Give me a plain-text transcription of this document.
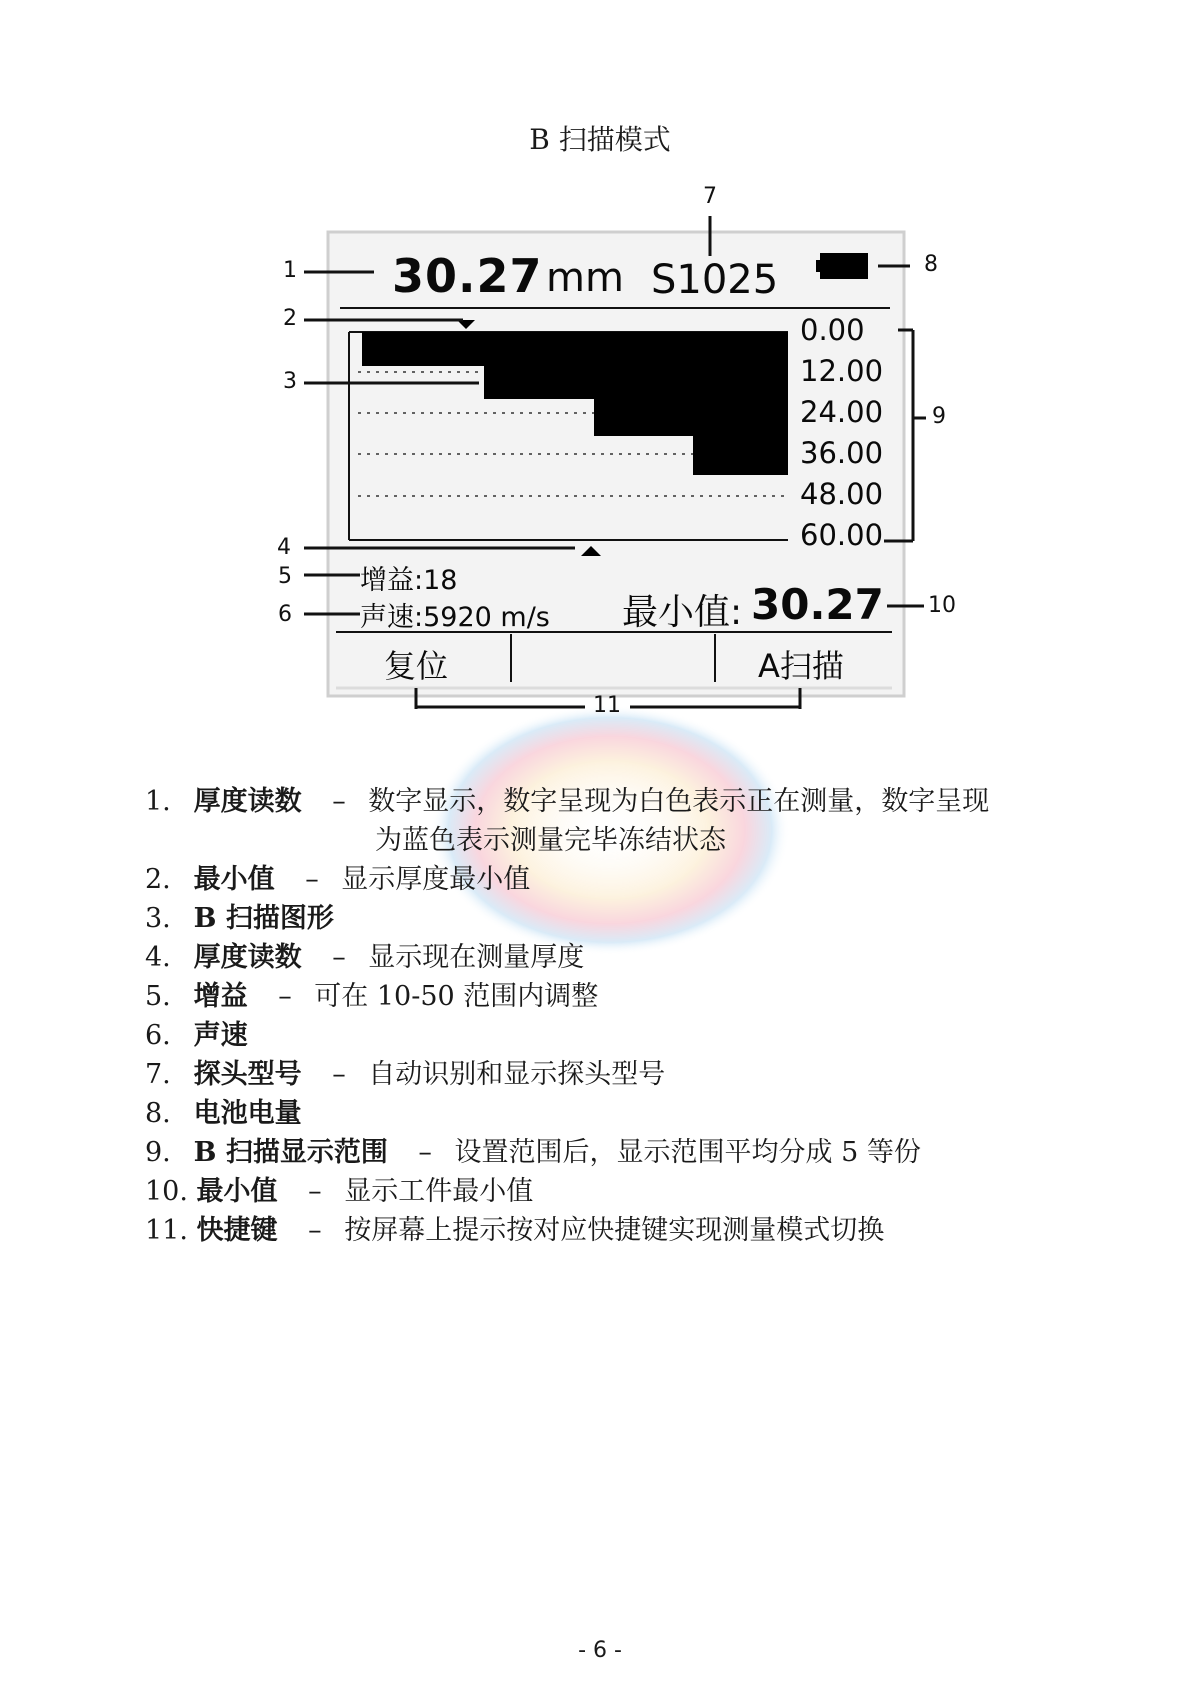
B 扫描模式
30.27 mm S1025
0.00
12.00
24.00
36.00
48.00
60.00
增益:18
声速:5920 m/s 最小值: 30.27
复位	A扫描
1
2
3
4
5
6
7
8
9
10
11
1. 厚度读数 – 数字显示，数字呈现为白色表示正在测量，数字呈现
为蓝色表示测量完毕冻结状态
2. 最小值 – 显示厚度最小值
3. B 扫描图形
4. 厚度读数 – 显示现在测量厚度
5. 增益 – 可在 10-50 范围内调整
6. 声速
7. 探头型号 – 自动识别和显示探头型号
8. 电池电量
9. B 扫描显示范围 – 设置范围后，显示范围平均分成 5 等份
10. 最小值 – 显示工件最小值
11. 快捷键 – 按屏幕上提示按对应快捷键实现测量模式切换
- 6 -
